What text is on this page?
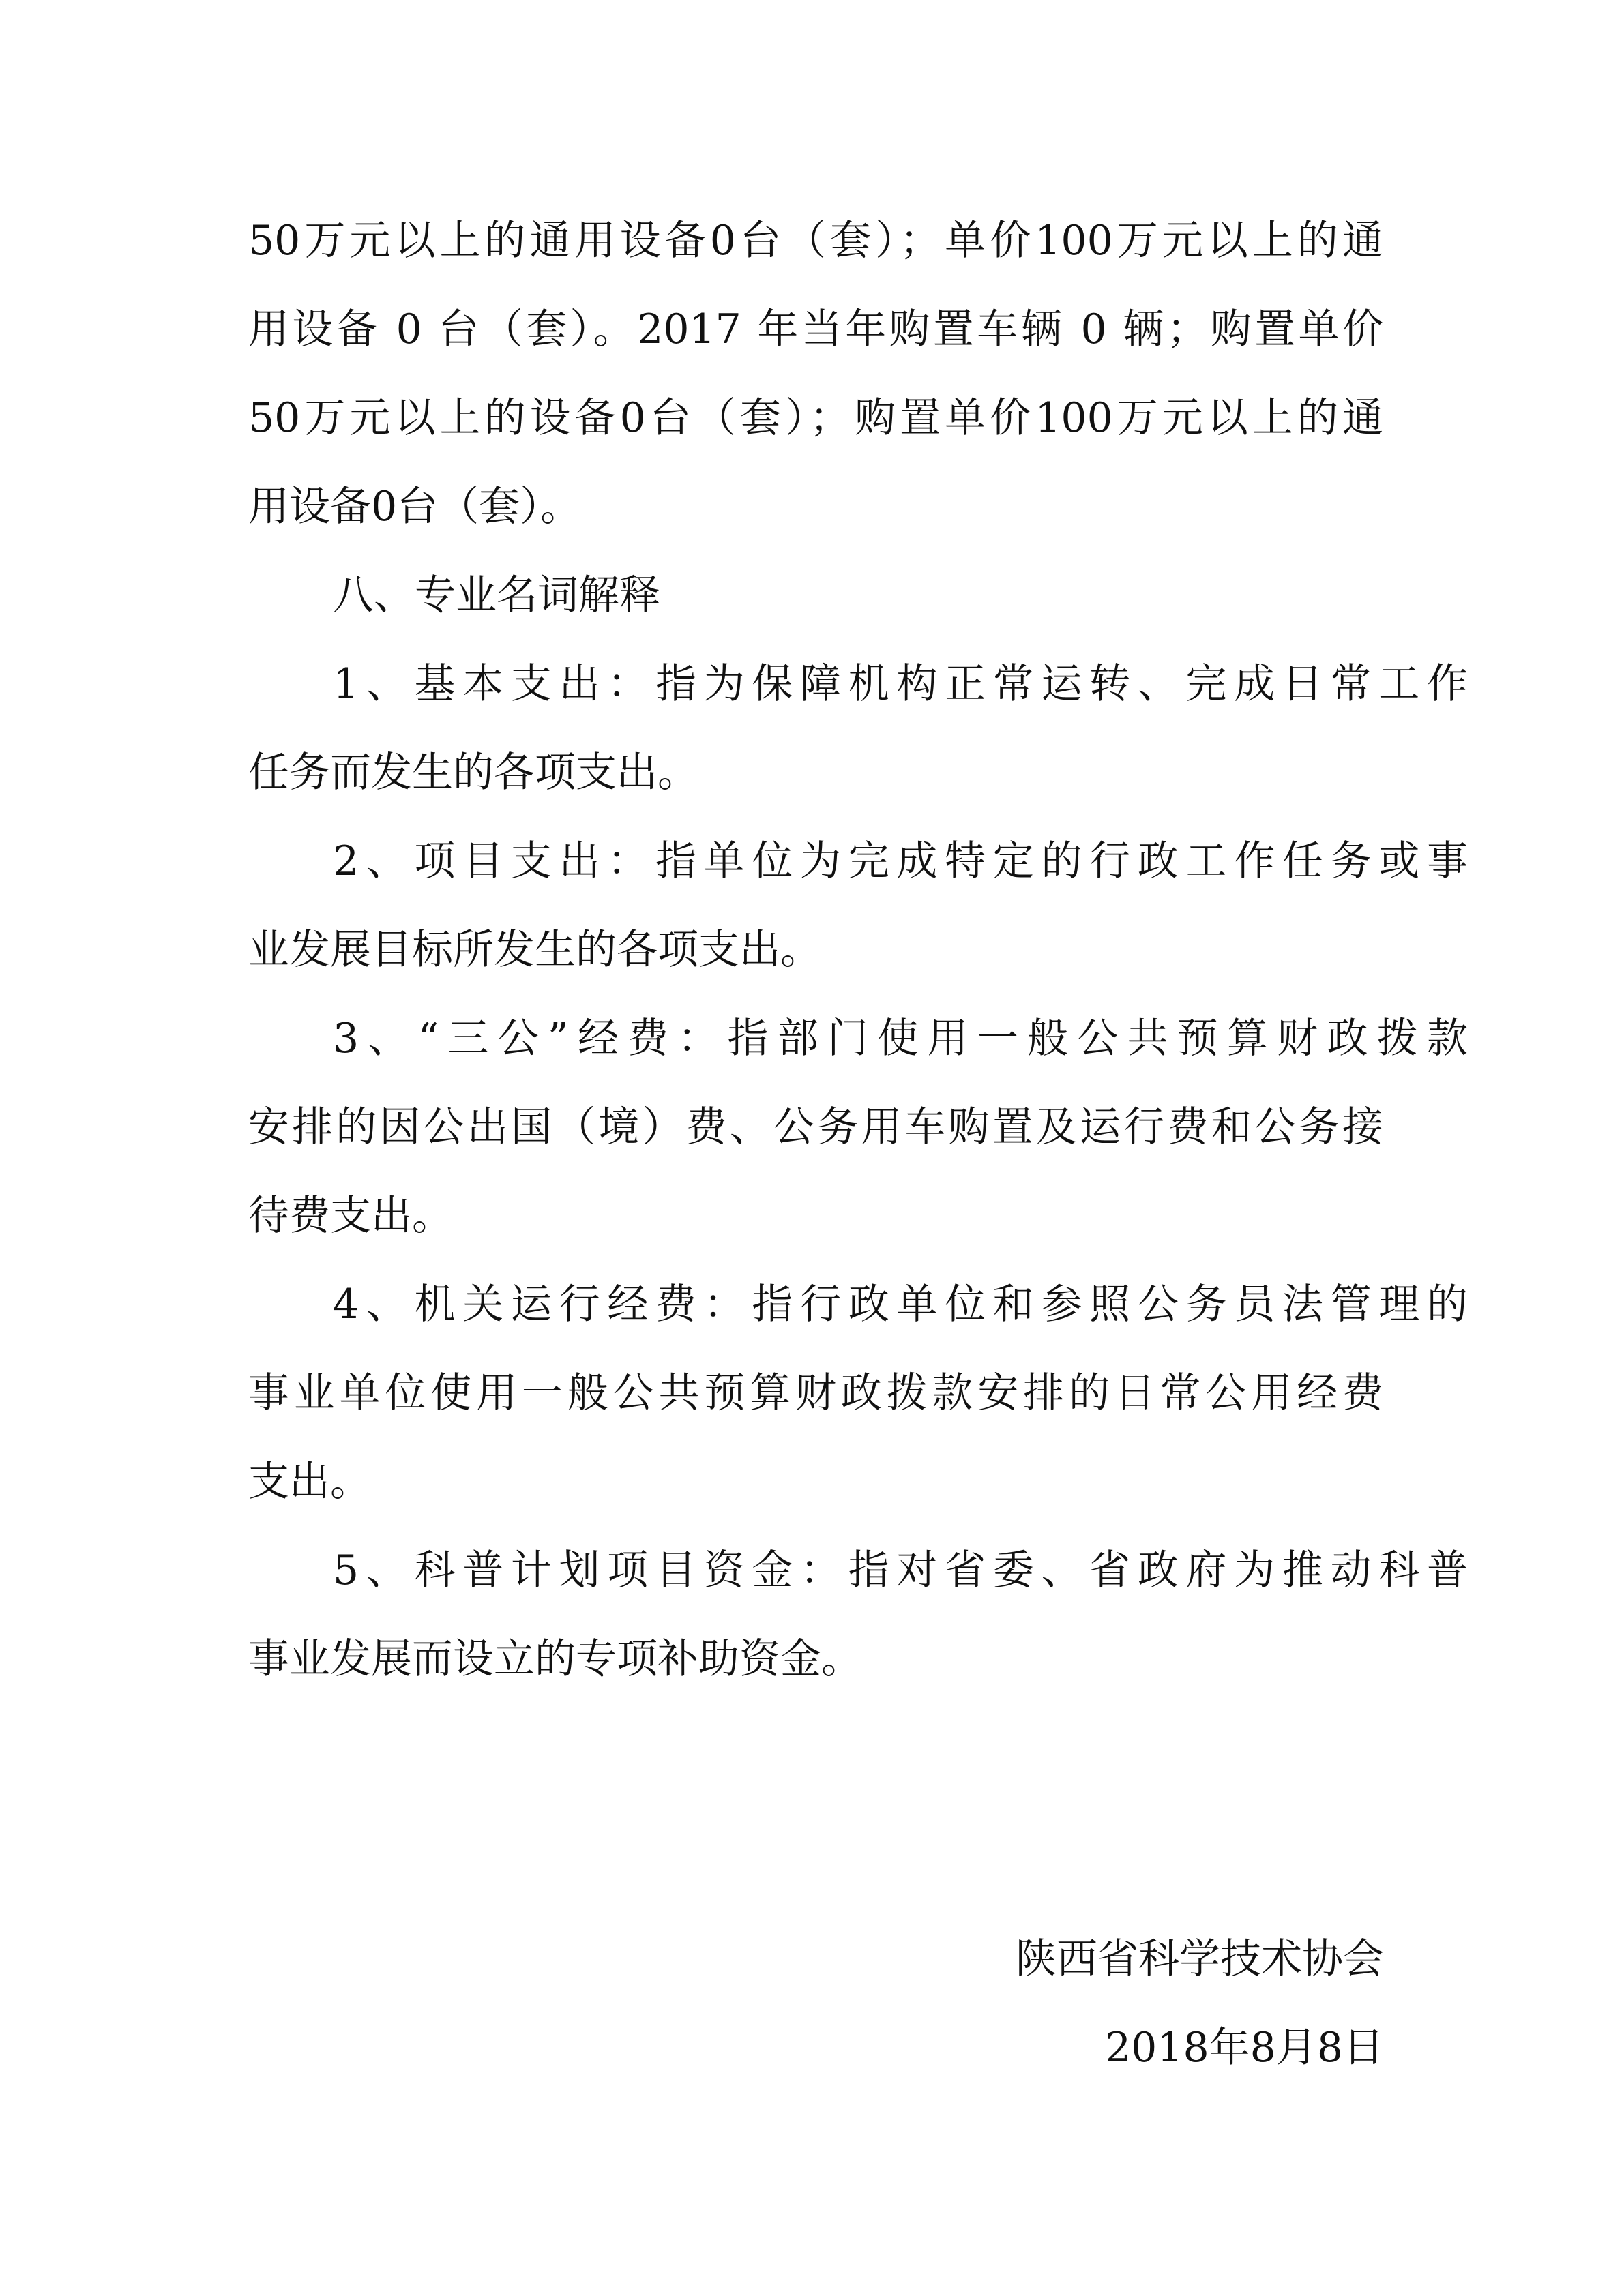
50万元以上的通用设备0台（套）；单价100万元以上的通
用设备 0 台（套）。2017 年当年购置车辆 0 辆；购置单价
50万元以上的设备0台（套）；购置单价100万元以上的通
用设备0台（套）。
八、专业名词解释
1、基本支出：指为保障机构正常运转、完成日常工作
任务而发生的各项支出。
2、项目支出：指单位为完成特定的行政工作任务或事
业发展目标所发生的各项支出。
3、“三公”经费：指部门使用一般公共预算财政拨款
安排的因公出国（境）费、公务用车购置及运行费和公务接
待费支出。
4、机关运行经费：指行政单位和参照公务员法管理的
事业单位使用一般公共预算财政拨款安排的日常公用经费
支出。
5、科普计划项目资金：指对省委、省政府为推动科普
事业发展而设立的专项补助资金。
陕西省科学技术协会
2018年8月8日
